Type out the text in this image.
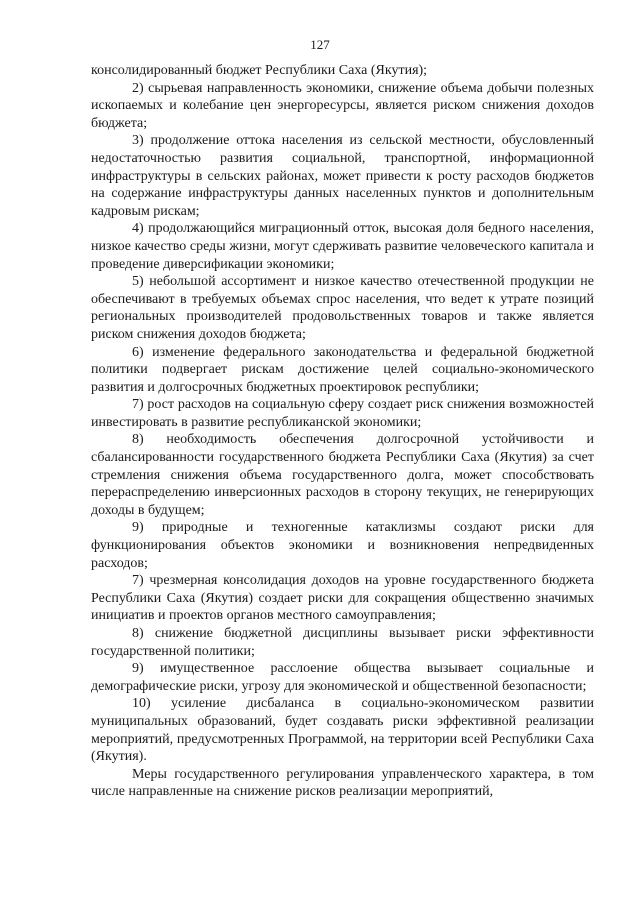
127

консолидированный бюджет Республики Саха (Якутия);

2) сырьевая направленность экономики, снижение объема добычи полезных ископаемых и колебание цен энергоресурсы, является риском снижения доходов бюджета;

3) продолжение оттока населения из сельской местности, обусловленный недостаточностью развития социальной, транспортной, информационной инфраструктуры в сельских районах, может привести к росту расходов бюджетов на содержание инфраструктуры данных населенных пунктов и дополнительным кадровым рискам;

4) продолжающийся миграционный отток, высокая доля бедного населения, низкое качество среды жизни, могут сдерживать развитие человеческого капитала и проведение диверсификации экономики;

5) небольшой ассортимент и низкое качество отечественной продукции не обеспечивают в требуемых объемах спрос населения, что ведет к утрате позиций региональных производителей продовольственных товаров и также является риском снижения доходов бюджета;

6) изменение федерального законодательства и федеральной бюджетной политики подвергает рискам достижение целей социально-экономического развития и долгосрочных бюджетных проектировок республики;

7) рост расходов на социальную сферу создает риск снижения возможностей инвестировать в развитие республиканской экономики;

8) необходимость обеспечения долгосрочной устойчивости и сбалансированности государственного бюджета Республики Саха (Якутия) за счет стремления снижения объема государственного долга, может способствовать перераспределению инверсионных расходов в сторону текущих, не генерирующих доходы в будущем;

9) природные и техногенные катаклизмы создают риски для функционирования объектов экономики и возникновения непредвиденных расходов;

7) чрезмерная консолидация доходов на уровне государственного бюджета Республики Саха (Якутия) создает риски для сокращения общественно значимых инициатив и проектов органов местного самоуправления;

8) снижение бюджетной дисциплины вызывает риски эффективности государственной политики;

9) имущественное расслоение общества вызывает социальные и демографические риски, угрозу для экономической и общественной безопасности;

10) усиление дисбаланса в социально-экономическом развитии муниципальных образований, будет создавать риски эффективной реализации мероприятий, предусмотренных Программой, на территории всей Республики Саха (Якутия).

Меры государственного регулирования управленческого характера, в том числе направленные на снижение рисков реализации мероприятий,
